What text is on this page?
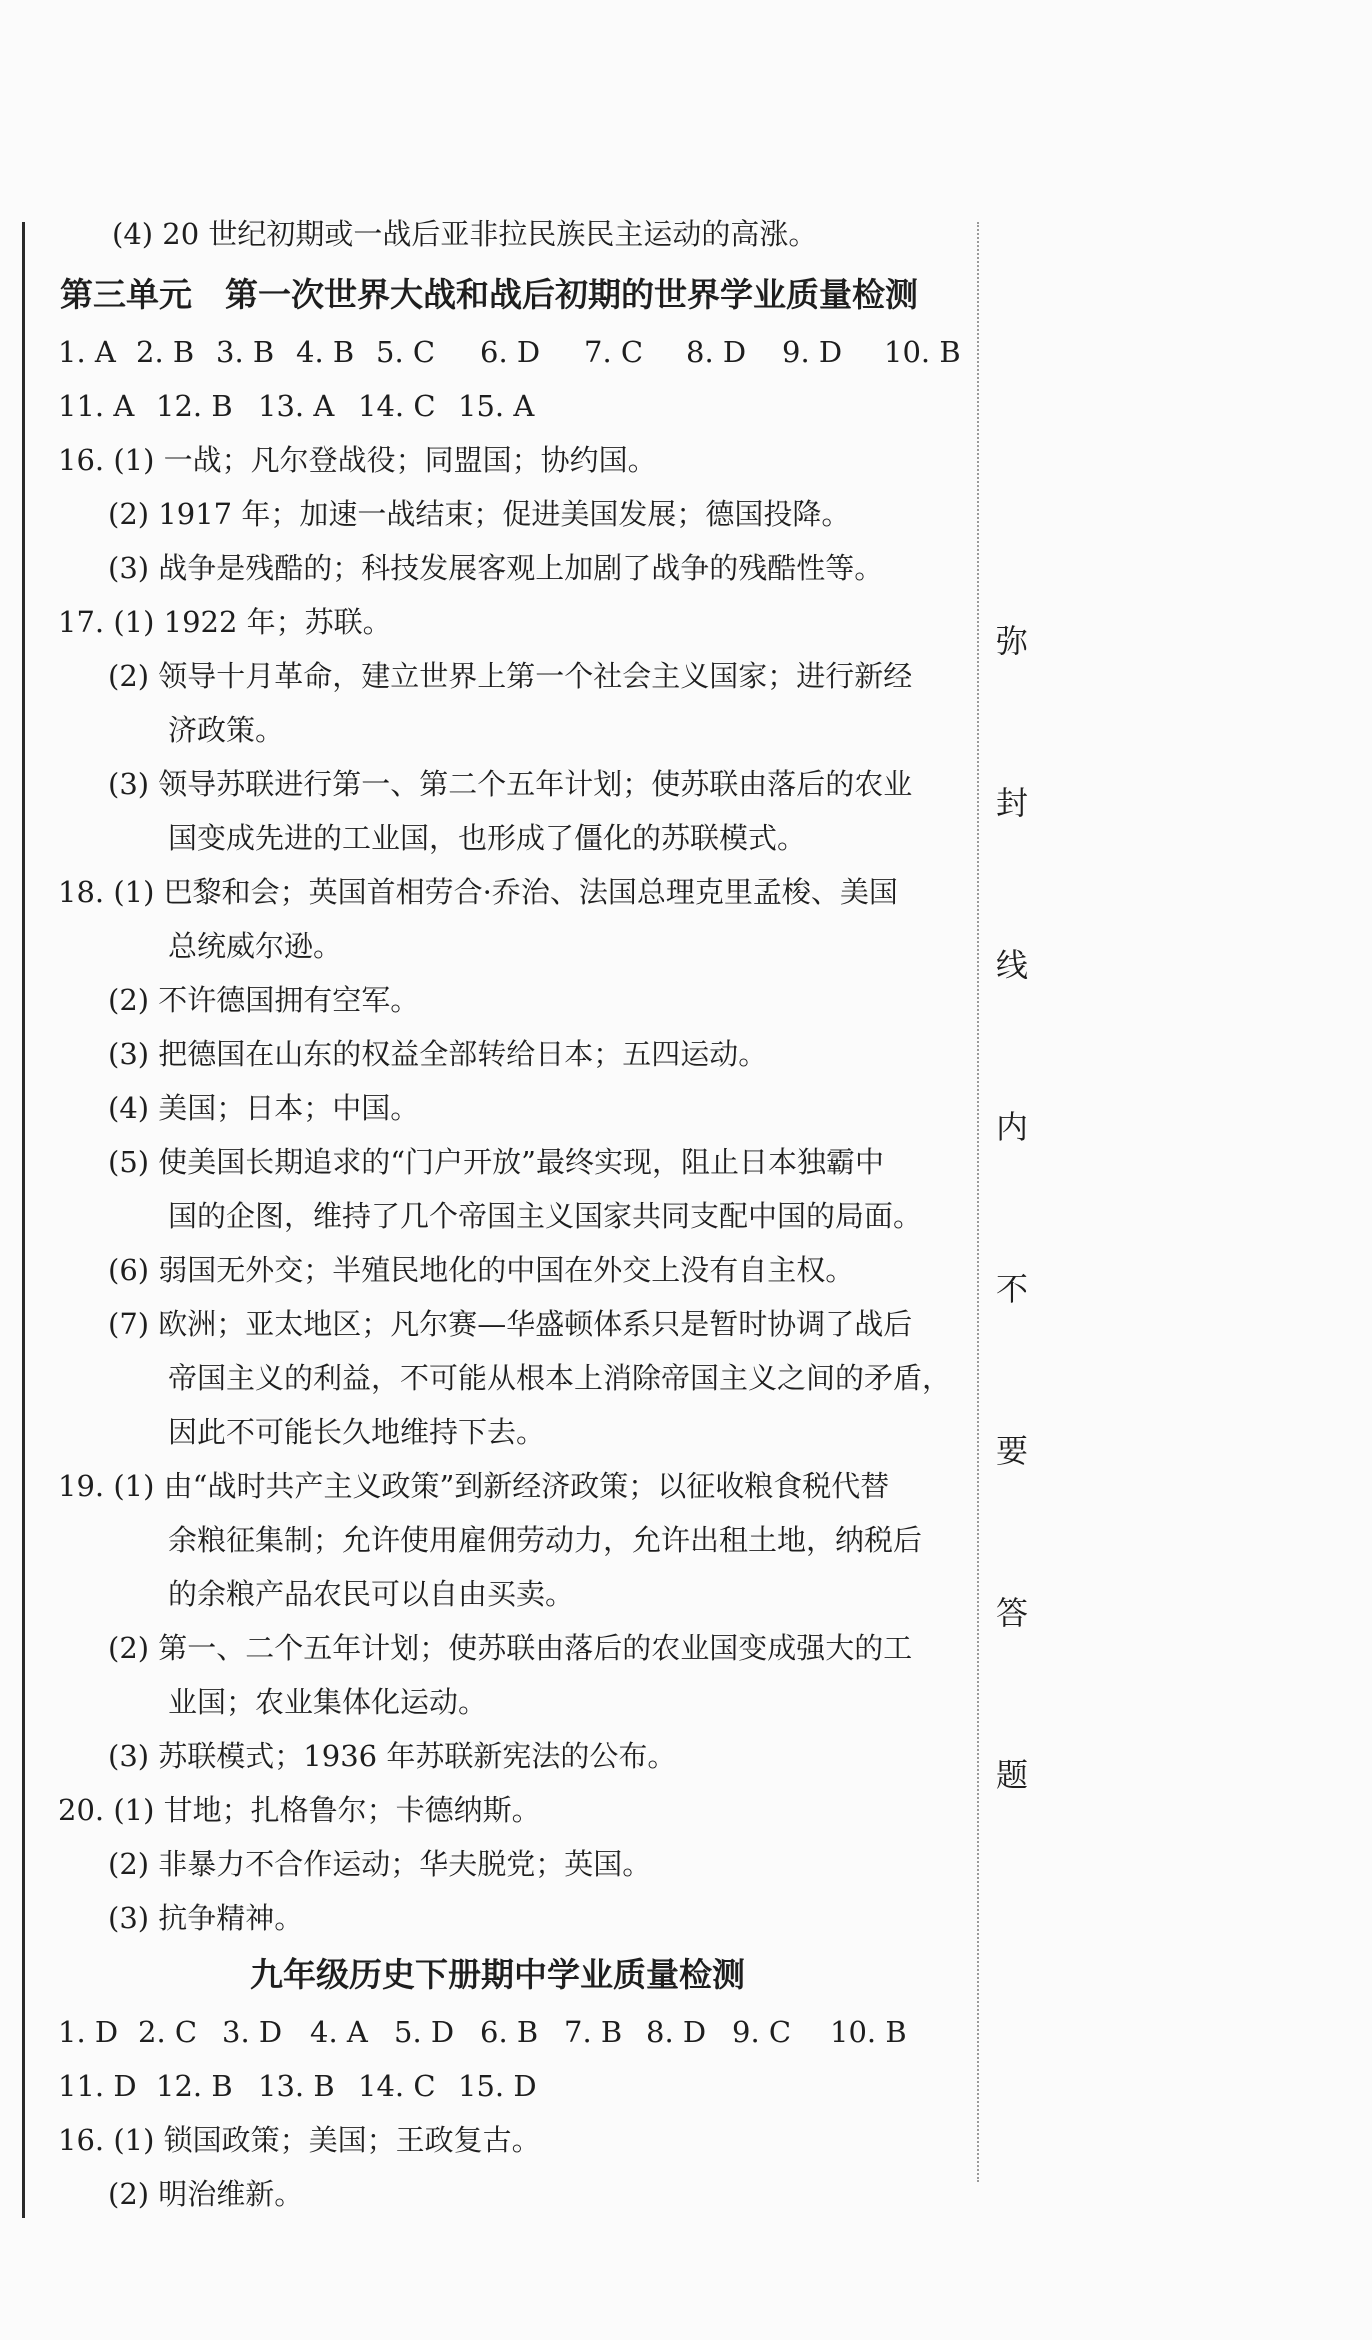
弥
封
线
内
不
要
答
题
(4) 20 世纪初期或一战后亚非拉民族民主运动的高涨。
第三单元　第一次世界大战和战后初期的世界学业质量检测
1. A 2. B 3. B 4. B 5. C 6. D 7. C 8. D 9. D 10. B
11. A 12. B 13. A 14. C 15. A
16. (1) 一战；凡尔登战役；同盟国；协约国。
(2) 1917 年；加速一战结束；促进美国发展；德国投降。
(3) 战争是残酷的；科技发展客观上加剧了战争的残酷性等。
17. (1) 1922 年；苏联。
(2) 领导十月革命，建立世界上第一个社会主义国家；进行新经
济政策。
(3) 领导苏联进行第一、第二个五年计划；使苏联由落后的农业
国变成先进的工业国，也形成了僵化的苏联模式。
18. (1) 巴黎和会；英国首相劳合·乔治、法国总理克里孟梭、美国
总统威尔逊。
(2) 不许德国拥有空军。
(3) 把德国在山东的权益全部转给日本；五四运动。
(4) 美国；日本；中国。
(5) 使美国长期追求的“门户开放”最终实现，阻止日本独霸中
国的企图，维持了几个帝国主义国家共同支配中国的局面。
(6) 弱国无外交；半殖民地化的中国在外交上没有自主权。
(7) 欧洲；亚太地区；凡尔赛—华盛顿体系只是暂时协调了战后
帝国主义的利益，不可能从根本上消除帝国主义之间的矛盾，
因此不可能长久地维持下去。
19. (1) 由“战时共产主义政策”到新经济政策；以征收粮食税代替
余粮征集制；允许使用雇佣劳动力，允许出租土地，纳税后
的余粮产品农民可以自由买卖。
(2) 第一、二个五年计划；使苏联由落后的农业国变成强大的工
业国；农业集体化运动。
(3) 苏联模式；1936 年苏联新宪法的公布。
20. (1) 甘地；扎格鲁尔；卡德纳斯。
(2) 非暴力不合作运动；华夫脱党；英国。
(3) 抗争精神。
九年级历史下册期中学业质量检测
1. D 2. C 3. D 4. A 5. D 6. B 7. B 8. D 9. C 10. B
11. D 12. B 13. B 14. C 15. D
16. (1) 锁国政策；美国；王政复古。
(2) 明治维新。
